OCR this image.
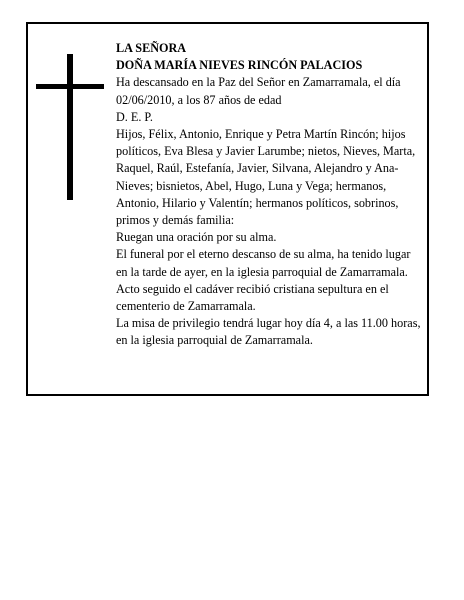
LA SEÑORA

DOÑA MARÍA NIEVES RINCÓN PALACIOS

Ha descansado en la Paz del Señor en Zamarramala, el día 02/06/2010, a los 87 años de edad

D. E. P.

Hijos, Félix, Antonio, Enrique y Petra Martín Rincón; hijos políticos, Eva Blesa y Javier Larumbe; nietos, Nieves, Marta, Raquel, Raúl, Estefanía, Javier, Silvana, Alejandro y Ana-Nieves; bisnietos, Abel, Hugo, Luna y Vega; hermanos, Antonio, Hilario y Valentín; hermanos políticos, sobrinos, primos y demás familia:

Ruegan una oración por su alma.

El funeral por el eterno descanso de su alma, ha tenido lugar en la tarde de ayer, en la iglesia parroquial de Zamarramala. Acto seguido el cadáver recibió cristiana sepultura en el cementerio de Zamarramala.

La misa de privilegio tendrá lugar hoy día 4, a las 11.00 horas, en la iglesia parroquial de Zamarramala.
